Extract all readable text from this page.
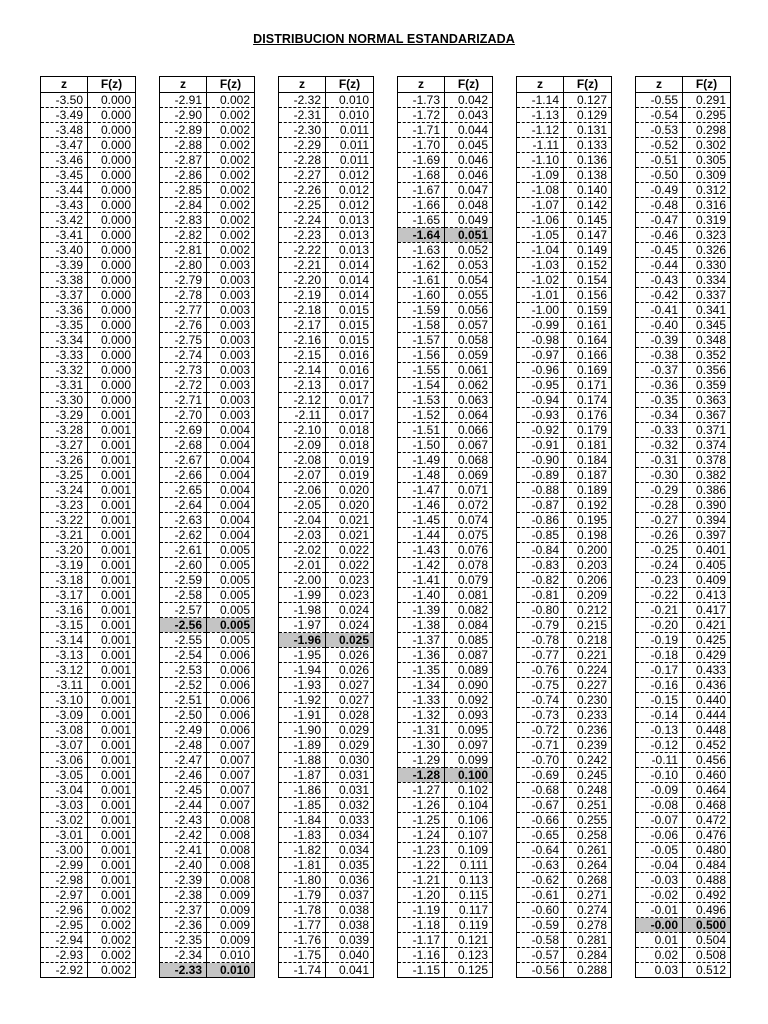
DISTRIBUCION NORMAL ESTANDARIZADA
z	F(z)
-3.50	0.000
-3.49	0.000
-3.48	0.000
-3.47	0.000
-3.46	0.000
-3.45	0.000
-3.44	0.000
-3.43	0.000
-3.42	0.000
-3.41	0.000
-3.40	0.000
-3.39	0.000
-3.38	0.000
-3.37	0.000
-3.36	0.000
-3.35	0.000
-3.34	0.000
-3.33	0.000
-3.32	0.000
-3.31	0.000
-3.30	0.000
-3.29	0.001
-3.28	0.001
-3.27	0.001
-3.26	0.001
-3.25	0.001
-3.24	0.001
-3.23	0.001
-3.22	0.001
-3.21	0.001
-3.20	0.001
-3.19	0.001
-3.18	0.001
-3.17	0.001
-3.16	0.001
-3.15	0.001
-3.14	0.001
-3.13	0.001
-3.12	0.001
-3.11	0.001
-3.10	0.001
-3.09	0.001
-3.08	0.001
-3.07	0.001
-3.06	0.001
-3.05	0.001
-3.04	0.001
-3.03	0.001
-3.02	0.001
-3.01	0.001
-3.00	0.001
-2.99	0.001
-2.98	0.001
-2.97	0.001
-2.96	0.002
-2.95	0.002
-2.94	0.002
-2.93	0.002
-2.92	0.002
z	F(z)
-2.91	0.002
-2.90	0.002
-2.89	0.002
-2.88	0.002
-2.87	0.002
-2.86	0.002
-2.85	0.002
-2.84	0.002
-2.83	0.002
-2.82	0.002
-2.81	0.002
-2.80	0.003
-2.79	0.003
-2.78	0.003
-2.77	0.003
-2.76	0.003
-2.75	0.003
-2.74	0.003
-2.73	0.003
-2.72	0.003
-2.71	0.003
-2.70	0.003
-2.69	0.004
-2.68	0.004
-2.67	0.004
-2.66	0.004
-2.65	0.004
-2.64	0.004
-2.63	0.004
-2.62	0.004
-2.61	0.005
-2.60	0.005
-2.59	0.005
-2.58	0.005
-2.57	0.005
-2.56	0.005
-2.55	0.005
-2.54	0.006
-2.53	0.006
-2.52	0.006
-2.51	0.006
-2.50	0.006
-2.49	0.006
-2.48	0.007
-2.47	0.007
-2.46	0.007
-2.45	0.007
-2.44	0.007
-2.43	0.008
-2.42	0.008
-2.41	0.008
-2.40	0.008
-2.39	0.008
-2.38	0.009
-2.37	0.009
-2.36	0.009
-2.35	0.009
-2.34	0.010
-2.33	0.010
z	F(z)
-2.32	0.010
-2.31	0.010
-2.30	0.011
-2.29	0.011
-2.28	0.011
-2.27	0.012
-2.26	0.012
-2.25	0.012
-2.24	0.013
-2.23	0.013
-2.22	0.013
-2.21	0.014
-2.20	0.014
-2.19	0.014
-2.18	0.015
-2.17	0.015
-2.16	0.015
-2.15	0.016
-2.14	0.016
-2.13	0.017
-2.12	0.017
-2.11	0.017
-2.10	0.018
-2.09	0.018
-2.08	0.019
-2.07	0.019
-2.06	0.020
-2.05	0.020
-2.04	0.021
-2.03	0.021
-2.02	0.022
-2.01	0.022
-2.00	0.023
-1.99	0.023
-1.98	0.024
-1.97	0.024
-1.96	0.025
-1.95	0.026
-1.94	0.026
-1.93	0.027
-1.92	0.027
-1.91	0.028
-1.90	0.029
-1.89	0.029
-1.88	0.030
-1.87	0.031
-1.86	0.031
-1.85	0.032
-1.84	0.033
-1.83	0.034
-1.82	0.034
-1.81	0.035
-1.80	0.036
-1.79	0.037
-1.78	0.038
-1.77	0.038
-1.76	0.039
-1.75	0.040
-1.74	0.041
z	F(z)
-1.73	0.042
-1.72	0.043
-1.71	0.044
-1.70	0.045
-1.69	0.046
-1.68	0.046
-1.67	0.047
-1.66	0.048
-1.65	0.049
-1.64	0.051
-1.63	0.052
-1.62	0.053
-1.61	0.054
-1.60	0.055
-1.59	0.056
-1.58	0.057
-1.57	0.058
-1.56	0.059
-1.55	0.061
-1.54	0.062
-1.53	0.063
-1.52	0.064
-1.51	0.066
-1.50	0.067
-1.49	0.068
-1.48	0.069
-1.47	0.071
-1.46	0.072
-1.45	0.074
-1.44	0.075
-1.43	0.076
-1.42	0.078
-1.41	0.079
-1.40	0.081
-1.39	0.082
-1.38	0.084
-1.37	0.085
-1.36	0.087
-1.35	0.089
-1.34	0.090
-1.33	0.092
-1.32	0.093
-1.31	0.095
-1.30	0.097
-1.29	0.099
-1.28	0.100
-1.27	0.102
-1.26	0.104
-1.25	0.106
-1.24	0.107
-1.23	0.109
-1.22	0.111
-1.21	0.113
-1.20	0.115
-1.19	0.117
-1.18	0.119
-1.17	0.121
-1.16	0.123
-1.15	0.125
z	F(z)
-1.14	0.127
-1.13	0.129
-1.12	0.131
-1.11	0.133
-1.10	0.136
-1.09	0.138
-1.08	0.140
-1.07	0.142
-1.06	0.145
-1.05	0.147
-1.04	0.149
-1.03	0.152
-1.02	0.154
-1.01	0.156
-1.00	0.159
-0.99	0.161
-0.98	0.164
-0.97	0.166
-0.96	0.169
-0.95	0.171
-0.94	0.174
-0.93	0.176
-0.92	0.179
-0.91	0.181
-0.90	0.184
-0.89	0.187
-0.88	0.189
-0.87	0.192
-0.86	0.195
-0.85	0.198
-0.84	0.200
-0.83	0.203
-0.82	0.206
-0.81	0.209
-0.80	0.212
-0.79	0.215
-0.78	0.218
-0.77	0.221
-0.76	0.224
-0.75	0.227
-0.74	0.230
-0.73	0.233
-0.72	0.236
-0.71	0.239
-0.70	0.242
-0.69	0.245
-0.68	0.248
-0.67	0.251
-0.66	0.255
-0.65	0.258
-0.64	0.261
-0.63	0.264
-0.62	0.268
-0.61	0.271
-0.60	0.274
-0.59	0.278
-0.58	0.281
-0.57	0.284
-0.56	0.288
z	F(z)
-0.55	0.291
-0.54	0.295
-0.53	0.298
-0.52	0.302
-0.51	0.305
-0.50	0.309
-0.49	0.312
-0.48	0.316
-0.47	0.319
-0.46	0.323
-0.45	0.326
-0.44	0.330
-0.43	0.334
-0.42	0.337
-0.41	0.341
-0.40	0.345
-0.39	0.348
-0.38	0.352
-0.37	0.356
-0.36	0.359
-0.35	0.363
-0.34	0.367
-0.33	0.371
-0.32	0.374
-0.31	0.378
-0.30	0.382
-0.29	0.386
-0.28	0.390
-0.27	0.394
-0.26	0.397
-0.25	0.401
-0.24	0.405
-0.23	0.409
-0.22	0.413
-0.21	0.417
-0.20	0.421
-0.19	0.425
-0.18	0.429
-0.17	0.433
-0.16	0.436
-0.15	0.440
-0.14	0.444
-0.13	0.448
-0.12	0.452
-0.11	0.456
-0.10	0.460
-0.09	0.464
-0.08	0.468
-0.07	0.472
-0.06	0.476
-0.05	0.480
-0.04	0.484
-0.03	0.488
-0.02	0.492
-0.01	0.496
-0.00	0.500
0.01	0.504
0.02	0.508
0.03	0.512
